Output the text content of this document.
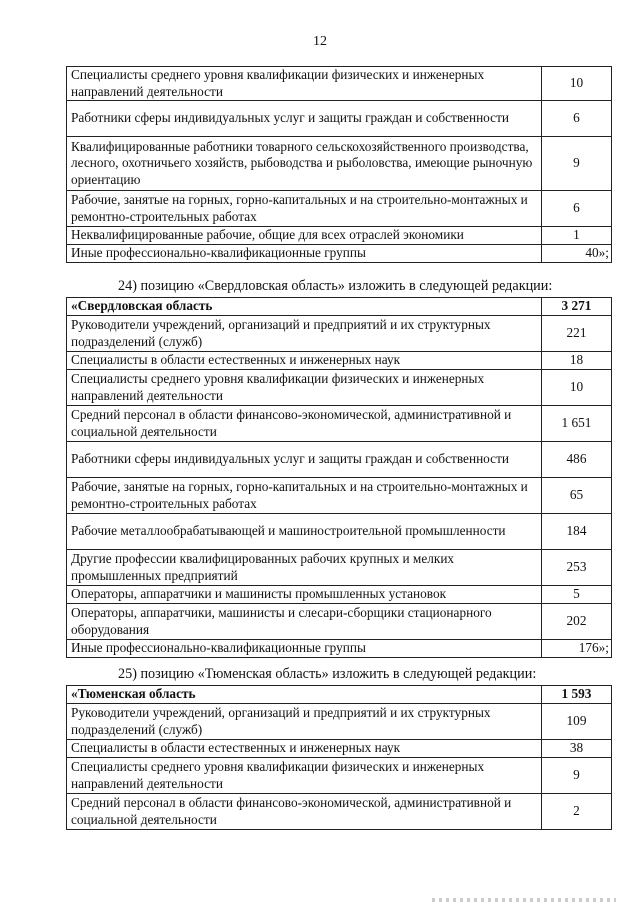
12
Специалисты среднего уровня квалификации физических и инженерных направлений деятельности	10
Работники сферы индивидуальных услуг и защиты граждан и собственности	6
Квалифицированные работники товарного сельскохозяйственного производства, лесного, охотничьего хозяйств, рыбоводства и рыболовства, имеющие рыночную ориентацию	9
Рабочие, занятые на горных, горно-капитальных и на строительно-монтажных и ремонтно-строительных работах	6
Неквалифицированные рабочие, общие для всех отраслей экономики	1
Иные профессионально-квалификационные группы	40»;
24) позицию «Свердловская область» изложить в следующей редакции:
«Свердловская область	3 271
Руководители учреждений, организаций и предприятий и их структурных подразделений (служб)	221
Специалисты в области естественных и инженерных наук	18
Специалисты среднего уровня квалификации физических и инженерных направлений деятельности	10
Средний персонал в области финансово-экономической, административной и социальной деятельности	1 651
Работники сферы индивидуальных услуг и защиты граждан и собственности	486
Рабочие, занятые на горных, горно-капитальных и на строительно-монтажных и ремонтно-строительных работах	65
Рабочие металлообрабатывающей и машиностроительной промышленности	184
Другие профессии квалифицированных рабочих крупных и мелких промышленных предприятий	253
Операторы, аппаратчики и машинисты промышленных установок	5
Операторы, аппаратчики, машинисты и слесари-сборщики стационарного оборудования	202
Иные профессионально-квалификационные группы	176»;
25) позицию «Тюменская область» изложить в следующей редакции:
«Тюменская область	1 593
Руководители учреждений, организаций и предприятий и их структурных подразделений (служб)	109
Специалисты в области естественных и инженерных наук	38
Специалисты среднего уровня квалификации физических и инженерных направлений деятельности	9
Средний персонал в области финансово-экономической, административной и социальной деятельности	2
